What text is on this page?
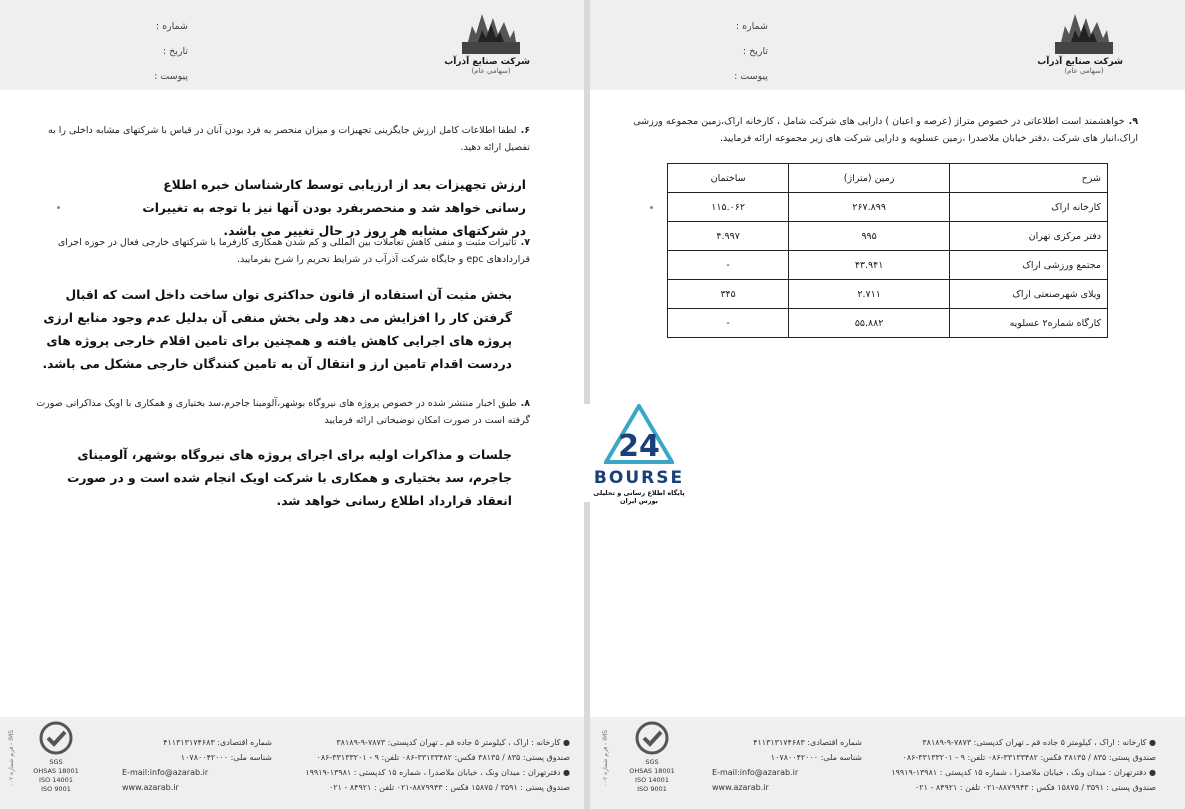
شرکت صنایع آذرآب
(سهامی عام)
شماره :
تاریخ :
پیوست :
۶.لطفا اطلاعات کامل ارزش جایگزینی تجهیزات و میزان منحصر به فرد بودن آنان در قیاس با شرکتهای مشابه داخلی را به تفصیل ارائه دهید.
ارزش تجهیزات بعد از ارزیابی توسط کارشناسان خبره اطلاع رسانی خواهد شد و منحصربفرد بودن آنها نیز با توجه به تغییرات در شرکتهای مشابه هر روز در حال تغییر می باشد.
۷.تاثیرات مثبت و منفی کاهش تعاملات بین المللی و کم شدن همکاری کارفرما با شرکتهای خارجی فعال در حوزه اجرای قراردادهای epc و جایگاه شرکت آذرآب در شرایط تحریم را شرح بفرمایید.
بخش مثبت آن استفاده از قانون حداکثری توان ساخت داخل است که اقبال گرفتن کار را افزایش می دهد ولی بخش منفی آن بدلیل عدم وجود منابع ارزی پروژه های اجرایی کاهش یافته و همچنین برای تامین اقلام خارجی پروژه های دردست اقدام تامین ارز و انتقال آن به تامین کنندگان خارجی مشکل می باشد.
۸.طبق اخبار منتشر شده در خصوص پروژه های نیروگاه بوشهر،آلومینا جاجرم،سد بختیاری و همکاری با اویک مذاکراتی صورت گرفته است در صورت امکان توضیحاتی ارائه فرمایید
جلسات و مذاکرات اولیه برای اجرای پروژه های نیروگاه بوشهر، آلومینای جاجرم، سد بختیاری و همکاری با شرکت اویک انجام شده است و در صورت انعقاد قرارداد اطلاع رسانی خواهد شد.
● کارخانه : اراک ، کیلومتر ۵ جاده قم ـ تهران کدپستی: ۷۸۷۳-۹-۳۸۱۸۹
صندوق پستی: ۸۳۵ / ۳۸۱۳۵ فکس: ۳۳۱۳۳۴۸۲-۰۸۶ تلفن: ۹ - ۳۳۱۳۳۲۰۱-۰۸۶
● دفترتهران : میدان ونک ، خیابان ملاصدرا ، شماره ۱۵ کدپستی : ۱۳۹۸۱-۱۹۹۱۹
صندوق پستی : ۳۵۹۱ / ۱۵۸۷۵ فکس : ۸۸۷۹۹۴۳-۰۲۱ تلفن : ۸۴۹۲۱ - ۰۲۱
شماره اقتصادی: ۴۱۱۳۱۳۱۷۴۶۸۳
شناسه ملی: ۱۰۷۸۰۰۴۲۰۰۰
E-mail:info@azarab.ir
www.azarab.ir
SGS
OHSAS 18001
ISO 14001
ISO 9001
فرم شماره ۰۰۲ - IMS
شرکت صنایع آذرآب
(سهامی عام)
شماره :
تاریخ :
پیوست :
۹.خواهشمند است اطلاعاتی در خصوص متراژ (عرصه و اعیان ) دارایی های شرکت شامل ، کارخانه اراک،زمین مجموعه ورزشی اراک،انبار های شرکت ،دفتر خیابان ملاصدرا ،زمین عسلویه و دارایی شرکت های زیر مجموعه ارائه فرمایید.
شرح	زمین (متراژ)	ساختمان
کارخانه اراک	۲۶۷.۸۹۹	۱۱۵.۰۶۲
دفتر مرکزی تهران	۹۹۵	۴.۹۹۷
مجتمع ورزشی اراک	۴۳.۹۴۱	-
ویلای شهرصنعتی اراک	۲.۷۱۱	۳۴۵
کارگاه شماره۲ عسلویه	۵۵.۸۸۲	-
● کارخانه : اراک ، کیلومتر ۵ جاده قم ـ تهران کدپستی: ۷۸۷۳-۹-۳۸۱۸۹
صندوق پستی: ۸۳۵ / ۳۸۱۳۵ فکس: ۳۳۱۳۳۴۸۲-۰۸۶ تلفن: ۹ - ۳۳۱۳۳۲۰۱-۰۸۶
● دفترتهران : میدان ونک ، خیابان ملاصدرا ، شماره ۱۵ کدپستی : ۱۳۹۸۱-۱۹۹۱۹
صندوق پستی : ۳۵۹۱ / ۱۵۸۷۵ فکس : ۸۸۷۹۹۴۳-۰۲۱ تلفن : ۸۴۹۲۱ - ۰۲۱
شماره اقتصادی: ۴۱۱۳۱۳۱۷۴۶۸۳
شناسه ملی: ۱۰۷۸۰۰۴۲۰۰۰
E-mail:info@azarab.ir
www.azarab.ir
SGS
OHSAS 18001
ISO 14001
ISO 9001
فرم شماره ۰۰۲ - IMS
24
BOURSE
پایگاه اطلاع رسانی و تحلیلی بورس ایران
